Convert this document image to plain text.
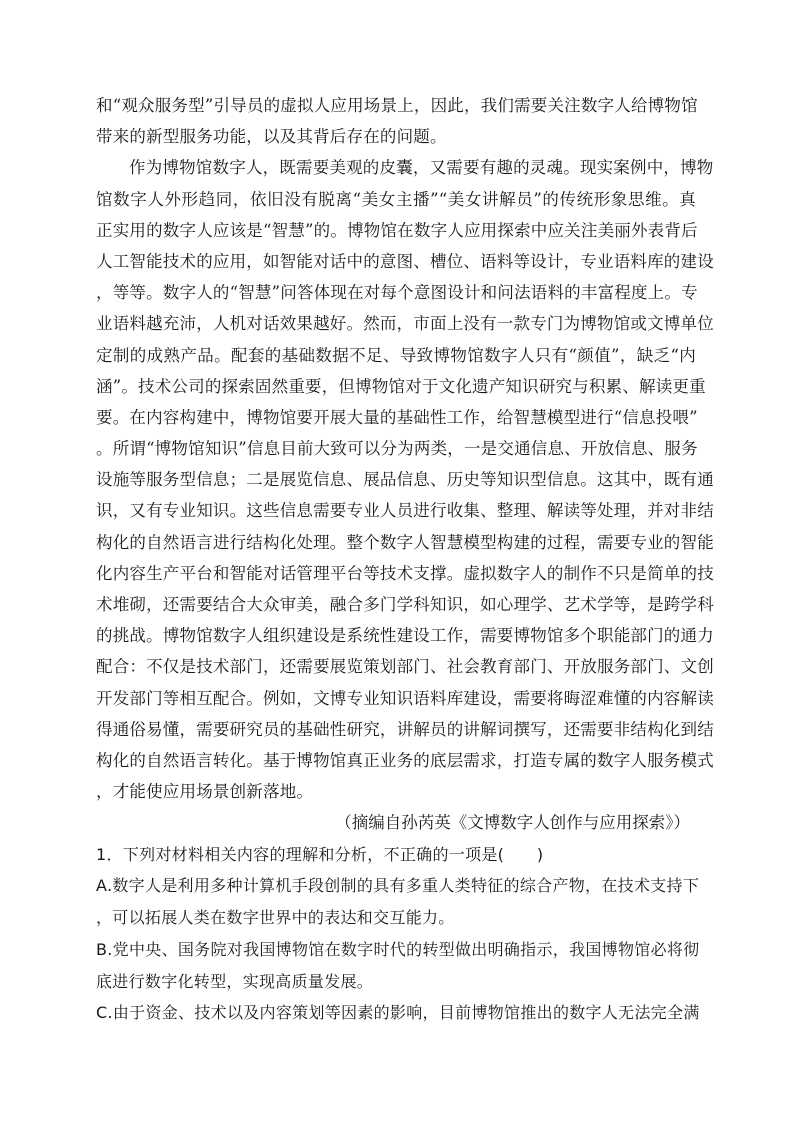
和“观众服务型”引导员的虚拟人应用场景上，因此，我们需要关注数字人给博物馆
带来的新型服务功能，以及其背后存在的问题。
作为博物馆数字人，既需要美观的皮囊，又需要有趣的灵魂。现实案例中，博物
馆数字人外形趋同，依旧没有脱离“美女主播”“美女讲解员”的传统形象思维。真
正实用的数字人应该是“智慧”的。博物馆在数字人应用探索中应关注美丽外表背后
人工智能技术的应用，如智能对话中的意图、槽位、语料等设计，专业语料库的建设
，等等。数字人的“智慧”问答体现在对每个意图设计和问法语料的丰富程度上。专
业语料越充沛，人机对话效果越好。然而，市面上没有一款专门为博物馆或文博单位
定制的成熟产品。配套的基础数据不足、导致博物馆数字人只有“颜值”，缺乏“内
涵”。技术公司的探索固然重要，但博物馆对于文化遗产知识研究与积累、解读更重
要。在内容构建中，博物馆要开展大量的基础性工作，给智慧模型进行“信息投喂”
。所谓“博物馆知识”信息目前大致可以分为两类，一是交通信息、开放信息、服务
设施等服务型信息；二是展览信息、展品信息、历史等知识型信息。这其中，既有通
识，又有专业知识。这些信息需要专业人员进行收集、整理、解读等处理，并对非结
构化的自然语言进行结构化处理。整个数字人智慧模型构建的过程，需要专业的智能
化内容生产平台和智能对话管理平台等技术支撑。虚拟数字人的制作不只是简单的技
术堆砌，还需要结合大众审美，融合多门学科知识，如心理学、艺术学等，是跨学科
的挑战。博物馆数字人组织建设是系统性建设工作，需要博物馆多个职能部门的通力
配合：不仅是技术部门，还需要展览策划部门、社会教育部门、开放服务部门、文创
开发部门等相互配合。例如，文博专业知识语料库建设，需要将晦涩难懂的内容解读
得通俗易懂，需要研究员的基础性研究，讲解员的讲解词撰写，还需要非结构化到结
构化的自然语言转化。基于博物馆真正业务的底层需求，打造专属的数字人服务模式
，才能使应用场景创新落地。
（摘编自孙芮英《文博数字人创作与应用探索》）
1．下列对材料相关内容的理解和分析，不正确的一项是(　　)
A.数字人是利用多种计算机手段创制的具有多重人类特征的综合产物，在技术支持下
，可以拓展人类在数字世界中的表达和交互能力。
B.党中央、国务院对我国博物馆在数字时代的转型做出明确指示，我国博物馆必将彻
底进行数字化转型，实现高质量发展。
C.由于资金、技术以及内容策划等因素的影响，目前博物馆推出的数字人无法完全满
